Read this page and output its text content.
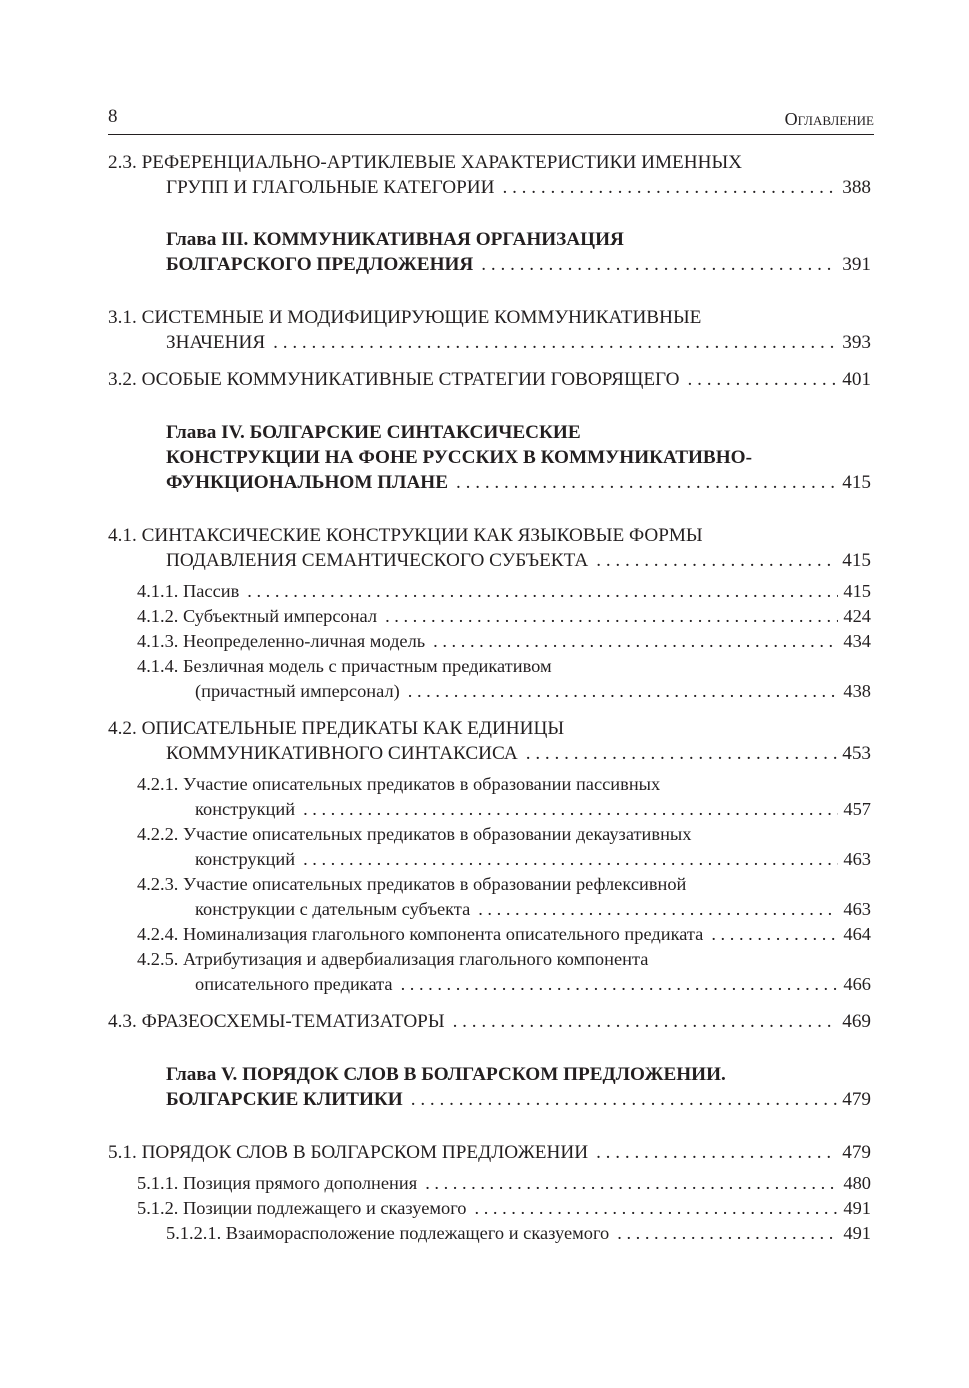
8	Оглавление
2.3. РЕФЕРЕНЦИАЛЬНО-АРТИКЛЕВЫЕ ХАРАКТЕРИСТИКИ ИМЕННЫХ
ГРУПП И ГЛАГОЛЬНЫЕ КАТЕГОРИИ . . .	388
Глава III. КОММУНИКАТИВНАЯ ОРГАНИЗАЦИЯ
БОЛГАРСКОГО ПРЕДЛОЖЕНИЯ . . .	391
3.1. СИСТЕМНЫЕ И МОДИФИЦИРУЮЩИЕ КОММУНИКАТИВНЫЕ
ЗНАЧЕНИЯ . . .	393
3.2. ОСОБЫЕ КОММУНИКАТИВНЫЕ СТРАТЕГИИ ГОВОРЯЩЕГО . . .	401
Глава IV. БОЛГАРСКИЕ СИНТАКСИЧЕСКИЕ
КОНСТРУКЦИИ НА ФОНЕ РУССКИХ В КОММУНИКАТИВНО-
ФУНКЦИОНАЛЬНОМ ПЛАНЕ . . .	415
4.1. СИНТАКСИЧЕСКИЕ КОНСТРУКЦИИ КАК ЯЗЫКОВЫЕ ФОРМЫ
ПОДАВЛЕНИЯ СЕМАНТИЧЕСКОГО СУБЪЕКТА . . .	415
4.1.1. Пассив . . .	415
4.1.2. Субъектный имперсонал . . .	424
4.1.3. Неопределенно-личная модель . . .	434
4.1.4. Безличная модель с причастным предикативом
(причастный имперсонал) . . .	438
4.2. ОПИСАТЕЛЬНЫЕ ПРЕДИКАТЫ КАК ЕДИНИЦЫ
КОММУНИКАТИВНОГО СИНТАКСИСА . . .	453
4.2.1. Участие описательных предикатов в образовании пассивных
конструкций . . .	457
4.2.2. Участие описательных предикатов в образовании декаузативных
конструкций . . .	463
4.2.3. Участие описательных предикатов в образовании рефлексивной
конструкции с дательным субъекта . . .	463
4.2.4. Номинализация глагольного компонента описательного предиката . . .	464
4.2.5. Атрибутизация и адвербиализация глагольного компонента
описательного предиката . . .	466
4.3. ФРАЗЕОСХЕМЫ-ТЕМАТИЗАТОРЫ . . .	469
Глава V. ПОРЯДОК СЛОВ В БОЛГАРСКОМ ПРЕДЛОЖЕНИИ.
БОЛГАРСКИЕ КЛИТИКИ . . .	479
5.1. ПОРЯДОК СЛОВ В БОЛГАРСКОМ ПРЕДЛОЖЕНИИ . . .	479
5.1.1. Позиция прямого дополнения . . .	480
5.1.2. Позиции подлежащего и сказуемого . . .	491
5.1.2.1. Взаиморасположение подлежащего и сказуемого . . .	491
